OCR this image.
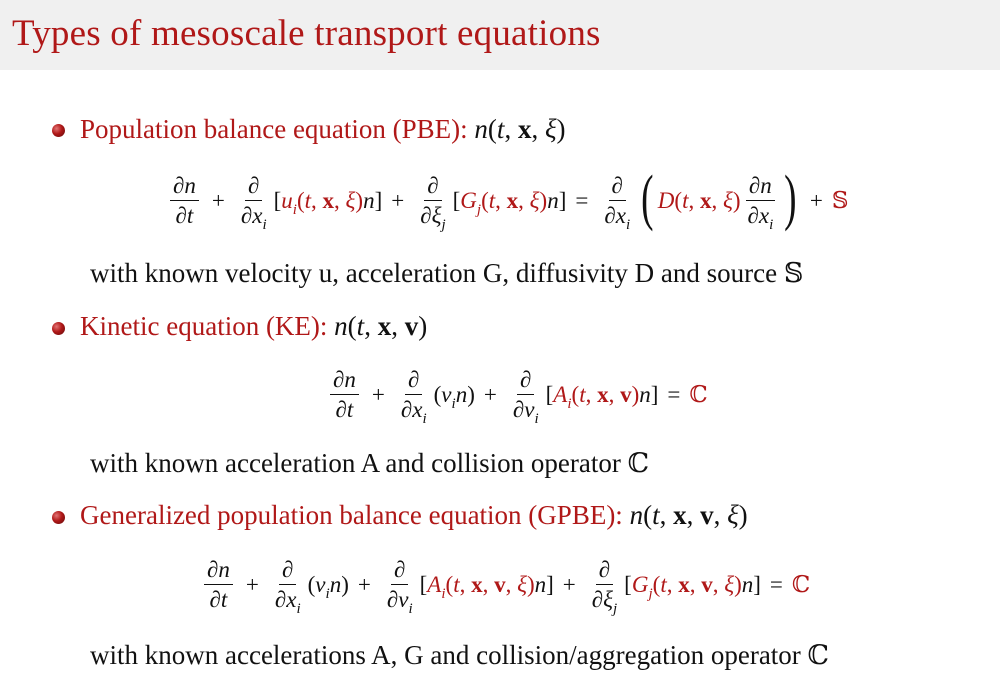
Types of mesoscale transport equations
Population balance equation (PBE): n(t, x, ξ)
$\frac{\partial n}{\partial t} + \frac{\partial}{\partial x_i}$ [ $u_i(t$, x, ξ) n ] + $\frac{\partial}{\partial\xi_j}$ [ $G_j(t$, x, ξ) n ] = $\frac{\partial}{\partial x_i}$ ( D(t, x, $\xi) \frac{\partial n}{\partial x_i}$ ) + 𝕊
with known velocity u, acceleration G, diffusivity D and source 𝕊
Kinetic equation (KE): n(t, x, v)
$\frac{\partial n}{\partial t} + \frac{\partial}{\partial x_i} (v_in) + \frac{\partial}{\partial v_i}$ [ $A_i(t$, x, v) n ] = ℂ
with known acceleration A and collision operator ℂ
Generalized population balance equation (GPBE): n(t, x, v, ξ)
$\frac{\partial n}{\partial t} + \frac{\partial}{\partial x_i} (v_in) + \frac{\partial}{\partial v_i}$ [ $A_i(t$, x, v, ξ) n ] + $\frac{\partial}{\partial\xi_j}$ [ $G_j(t$, x, v, ξ) n ] = ℂ
with known accelerations A, G and collision/aggregation operator ℂ
